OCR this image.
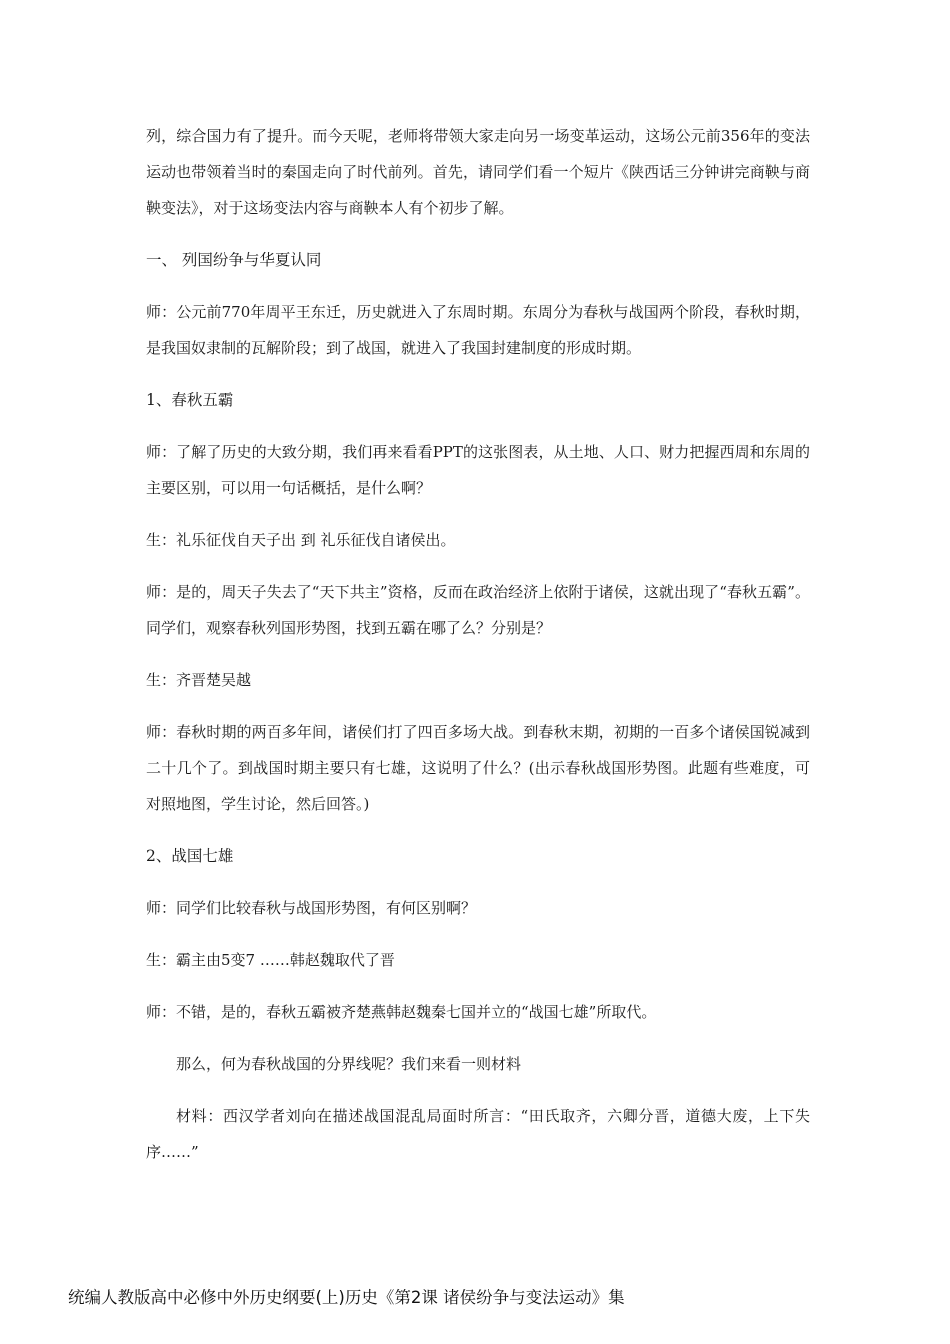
列，综合国力有了提升。而今天呢，老师将带领大家走向另一场变革运动，这场公元前356年的变法运动也带领着当时的秦国走向了时代前列。首先，请同学们看一个短片《陕西话三分钟讲完商鞅与商鞅变法》，对于这场变法内容与商鞅本人有个初步了解。

一、 列国纷争与华夏认同

师：公元前770年周平王东迁，历史就进入了东周时期。东周分为春秋与战国两个阶段，春秋时期，是我国奴隶制的瓦解阶段；到了战国，就进入了我国封建制度的形成时期。

1、春秋五霸

师：了解了历史的大致分期，我们再来看看PPT的这张图表，从土地、人口、财力把握西周和东周的主要区别，可以用一句话概括，是什么啊？

生：礼乐征伐自天子出 到 礼乐征伐自诸侯出。

师：是的，周天子失去了“天下共主”资格，反而在政治经济上依附于诸侯，这就出现了“春秋五霸”。同学们，观察春秋列国形势图，找到五霸在哪了么？分别是？

生：齐晋楚吴越

师：春秋时期的两百多年间，诸侯们打了四百多场大战。到春秋末期，初期的一百多个诸侯国锐减到二十几个了。到战国时期主要只有七雄，这说明了什么？(出示春秋战国形势图。此题有些难度，可对照地图，学生讨论，然后回答。)

2、战国七雄

师：同学们比较春秋与战国形势图，有何区别啊？

生：霸主由5变7 ……韩赵魏取代了晋

师：不错，是的，春秋五霸被齐楚燕韩赵魏秦七国并立的“战国七雄”所取代。

那么，何为春秋战国的分界线呢？我们来看一则材料

材料：西汉学者刘向在描述战国混乱局面时所言：“田氏取齐，六卿分晋，道德大废，上下失序……”

统编人教版高中必修中外历史纲要(上)历史《第2课 诸侯纷争与变法运动》集
